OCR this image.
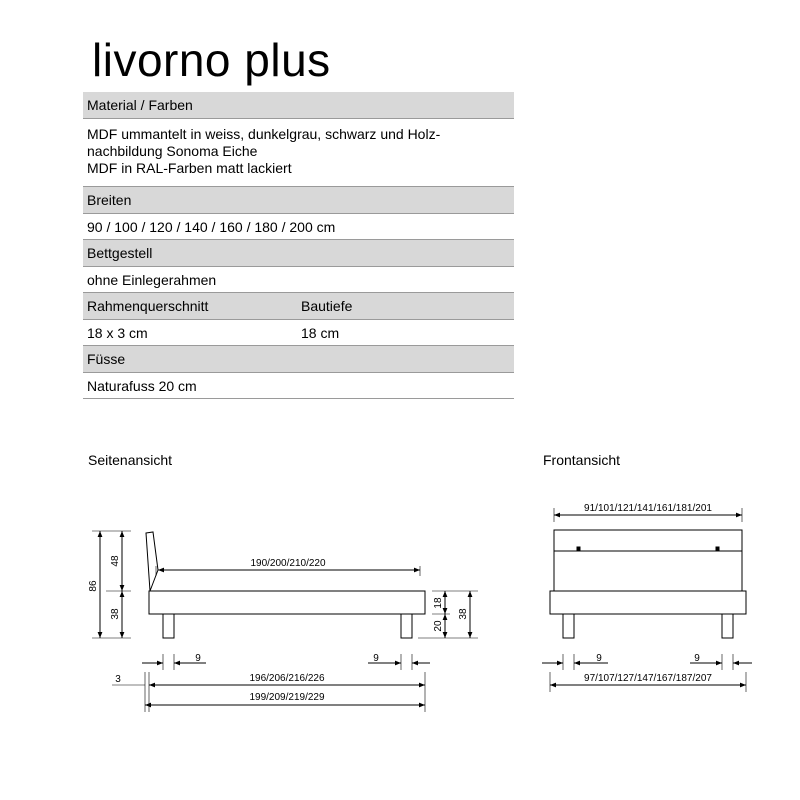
livorno plus
Material / Farben
MDF ummantelt in weiss, dunkelgrau, schwarz und Holz-
nachbildung Sonoma Eiche
MDF in RAL-Farben matt lackiert
Breiten
90 / 100 / 120 / 140 / 160 / 180 / 200 cm
Bettgestell
ohne Einlegerahmen
Rahmenquerschnitt	Bautiefe
18 x 3 cm	18 cm
Füsse
Naturafuss 20 cm
Seitenansicht	Frontansicht
86
48
38
190/200/210/220
18
20
38
9	9
3	196/206/216/226
199/209/219/229
91/101/121/141/161/181/201
9	9
97/107/127/147/167/187/207
